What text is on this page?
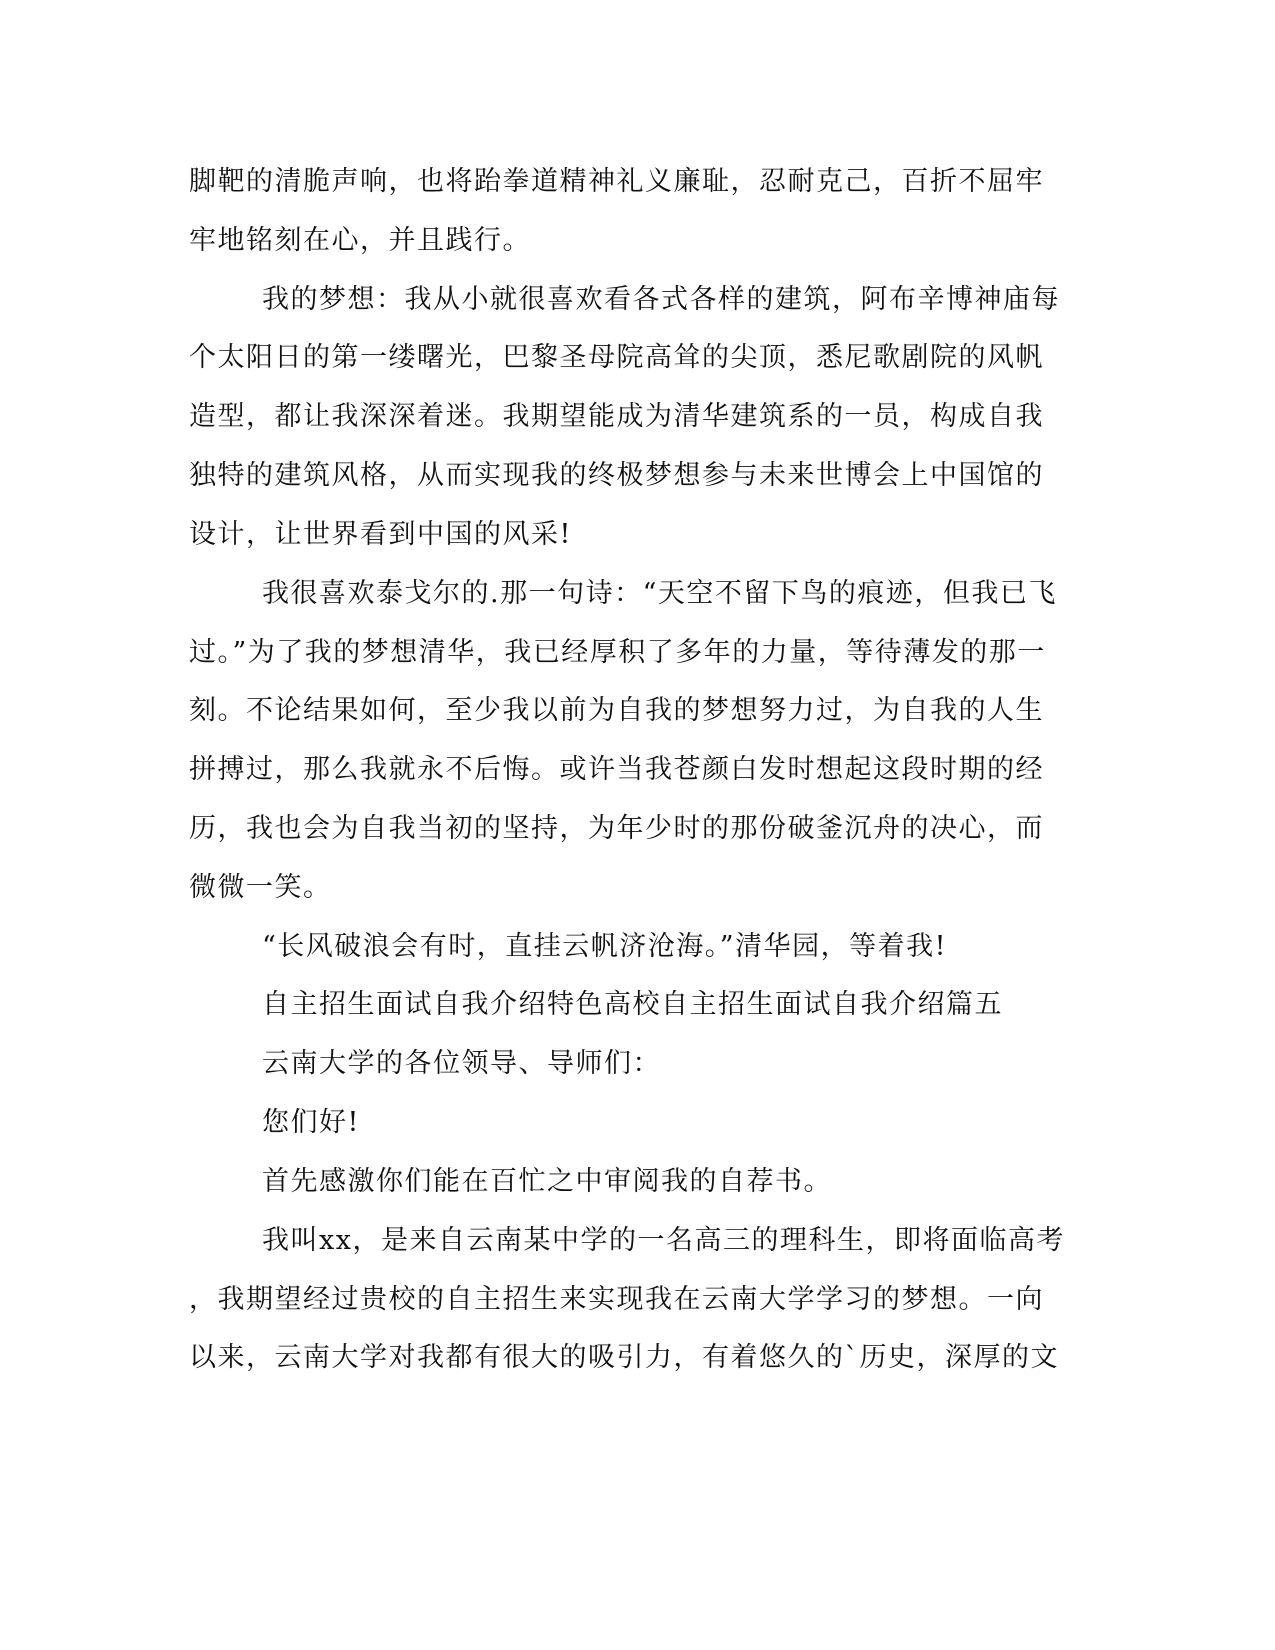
脚靶的清脆声响，也将跆拳道精神礼义廉耻，忍耐克己，百折不屈牢
牢地铭刻在心，并且践行。
我的梦想：我从小就很喜欢看各式各样的建筑，阿布辛博神庙每
个太阳日的第一缕曙光，巴黎圣母院高耸的尖顶，悉尼歌剧院的风帆
造型，都让我深深着迷。我期望能成为清华建筑系的一员，构成自我
独特的建筑风格，从而实现我的终极梦想参与未来世博会上中国馆的
设计，让世界看到中国的风采!
我很喜欢泰戈尔的.那一句诗：“天空不留下鸟的痕迹，但我已飞
过。”为了我的梦想清华，我已经厚积了多年的力量，等待薄发的那一
刻。不论结果如何，至少我以前为自我的梦想努力过，为自我的人生
拼搏过，那么我就永不后悔。或许当我苍颜白发时想起这段时期的经
历，我也会为自我当初的坚持，为年少时的那份破釜沉舟的决心，而
微微一笑。
“长风破浪会有时，直挂云帆济沧海。”清华园，等着我!
自主招生面试自我介绍特色高校自主招生面试自我介绍篇五
云南大学的各位领导、导师们：
您们好!
首先感激你们能在百忙之中审阅我的自荐书。
我叫xx，是来自云南某中学的一名高三的理科生，即将面临高考
，我期望经过贵校的自主招生来实现我在云南大学学习的梦想。一向
以来，云南大学对我都有很大的吸引力，有着悠久的`历史，深厚的文
